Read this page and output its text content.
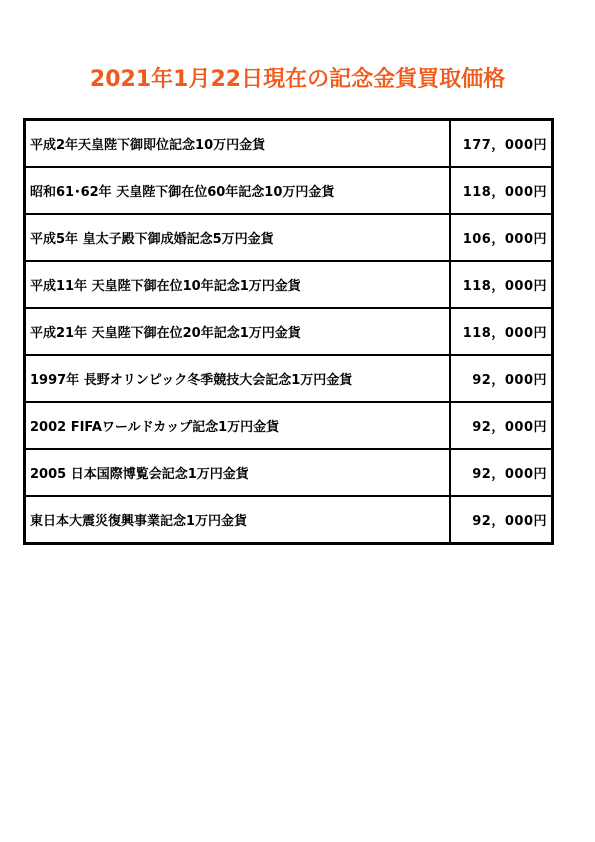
2021年1月22日現在の記念金貨買取価格
平成2年天皇陛下御即位記念10万円金貨	177，000円
昭和61･62年 天皇陛下御在位60年記念10万円金貨	118，000円
平成5年 皇太子殿下御成婚記念5万円金貨	106，000円
平成11年 天皇陛下御在位10年記念1万円金貨	118，000円
平成21年 天皇陛下御在位20年記念1万円金貨	118，000円
1997年 長野オリンピック冬季競技大会記念1万円金貨	92，000円
2002 FIFAワールドカップ記念1万円金貨	92，000円
2005 日本国際博覧会記念1万円金貨	92，000円
東日本大震災復興事業記念1万円金貨	92，000円
